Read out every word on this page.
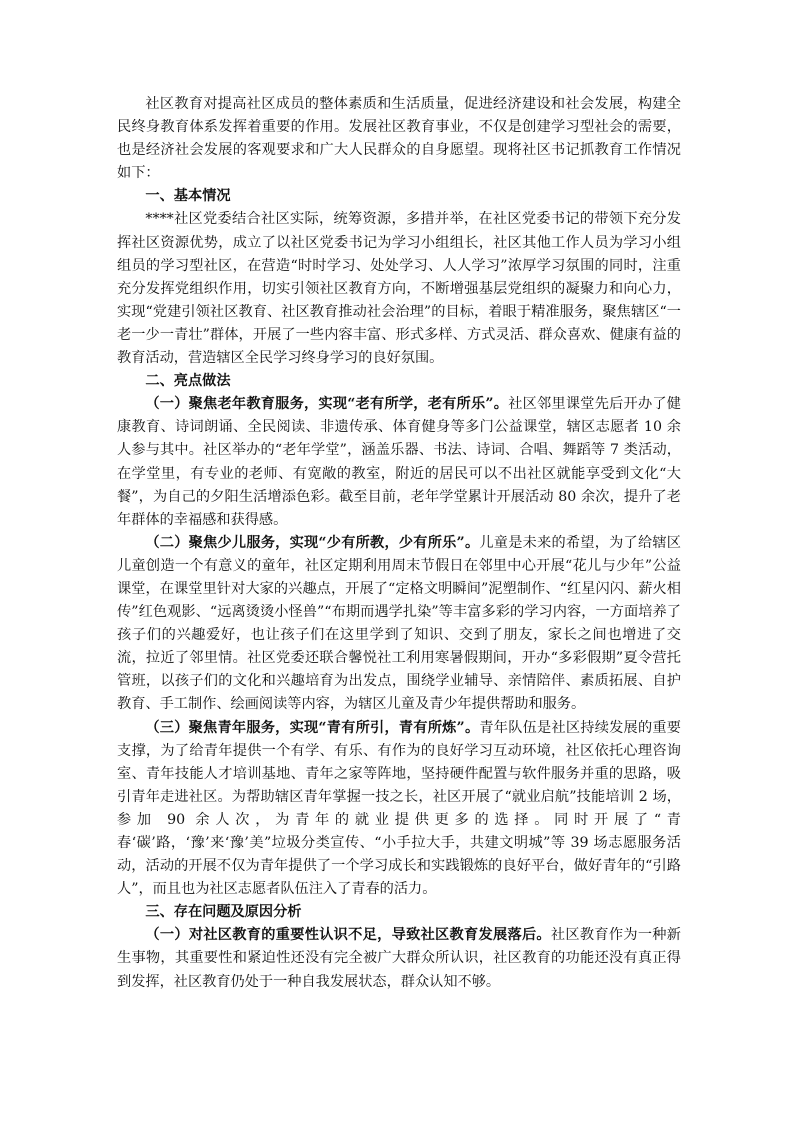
社区教育对提高社区成员的整体素质和生活质量，促进经济建设和社会发展，构建全民终身教育体系发挥着重要的作用。发展社区教育事业，不仅是创建学习型社会的需要，也是经济社会发展的客观要求和广大人民群众的自身愿望。现将社区书记抓教育工作情况如下：

一、基本情况

****社区党委结合社区实际，统筹资源，多措并举，在社区党委书记的带领下充分发挥社区资源优势，成立了以社区党委书记为学习小组组长，社区其他工作人员为学习小组组员的学习型社区，在营造“时时学习、处处学习、人人学习”浓厚学习氛围的同时，注重充分发挥党组织作用，切实引领社区教育方向，不断增强基层党组织的凝聚力和向心力，实现“党建引领社区教育、社区教育推动社会治理”的目标，着眼于精准服务，聚焦辖区“一老一少一青壮”群体，开展了一些内容丰富、形式多样、方式灵活、群众喜欢、健康有益的教育活动，营造辖区全民学习终身学习的良好氛围。

二、亮点做法

（一）聚焦老年教育服务，实现“老有所学，老有所乐”。社区邻里课堂先后开办了健康教育、诗词朗诵、全民阅读、非遗传承、体育健身等多门公益课堂，辖区志愿者 10 余人参与其中。社区举办的“老年学堂”，涵盖乐器、书法、诗词、合唱、舞蹈等 7 类活动，在学堂里，有专业的老师、有宽敞的教室，附近的居民可以不出社区就能享受到文化“大餐”，为自己的夕阳生活增添色彩。截至目前，老年学堂累计开展活动 80 余次，提升了老年群体的幸福感和获得感。

（二）聚焦少儿服务，实现“少有所教，少有所乐”。儿童是未来的希望，为了给辖区儿童创造一个有意义的童年，社区定期利用周末节假日在邻里中心开展“花儿与少年”公益课堂，在课堂里针对大家的兴趣点，开展了“定格文明瞬间”泥塑制作、“红星闪闪、薪火相传”红色观影、“远离烫烫小怪兽”“布期而遇学扎染”等丰富多彩的学习内容，一方面培养了孩子们的兴趣爱好，也让孩子们在这里学到了知识、交到了朋友，家长之间也增进了交流，拉近了邻里情。社区党委还联合馨悦社工利用寒暑假期间，开办“多彩假期”夏令营托管班，以孩子们的文化和兴趣培育为出发点，围绕学业辅导、亲情陪伴、素质拓展、自护教育、手工制作、绘画阅读等内容，为辖区儿童及青少年提供帮助和服务。

（三）聚焦青年服务，实现“青有所引，青有所炼”。青年队伍是社区持续发展的重要支撑，为了给青年提供一个有学、有乐、有作为的良好学习互动环境，社区依托心理咨询室、青年技能人才培训基地、青年之家等阵地，坚持硬件配置与软件服务并重的思路，吸引青年走进社区。为帮助辖区青年掌握一技之长，社区开展了“就业启航”技能培训 2 场，参加 90 余人次，为青年的就业提供更多的选择。同时开展了“青春‘碳’路，‘豫’来‘豫’美”垃圾分类宣传、“小手拉大手，共建文明城”等 39 场志愿服务活动，活动的开展不仅为青年提供了一个学习成长和实践锻炼的良好平台，做好青年的“引路人”，而且也为社区志愿者队伍注入了青春的活力。

三、存在问题及原因分析

（一）对社区教育的重要性认识不足，导致社区教育发展落后。社区教育作为一种新生事物，其重要性和紧迫性还没有完全被广大群众所认识，社区教育的功能还没有真正得到发挥，社区教育仍处于一种自我发展状态，群众认知不够。
